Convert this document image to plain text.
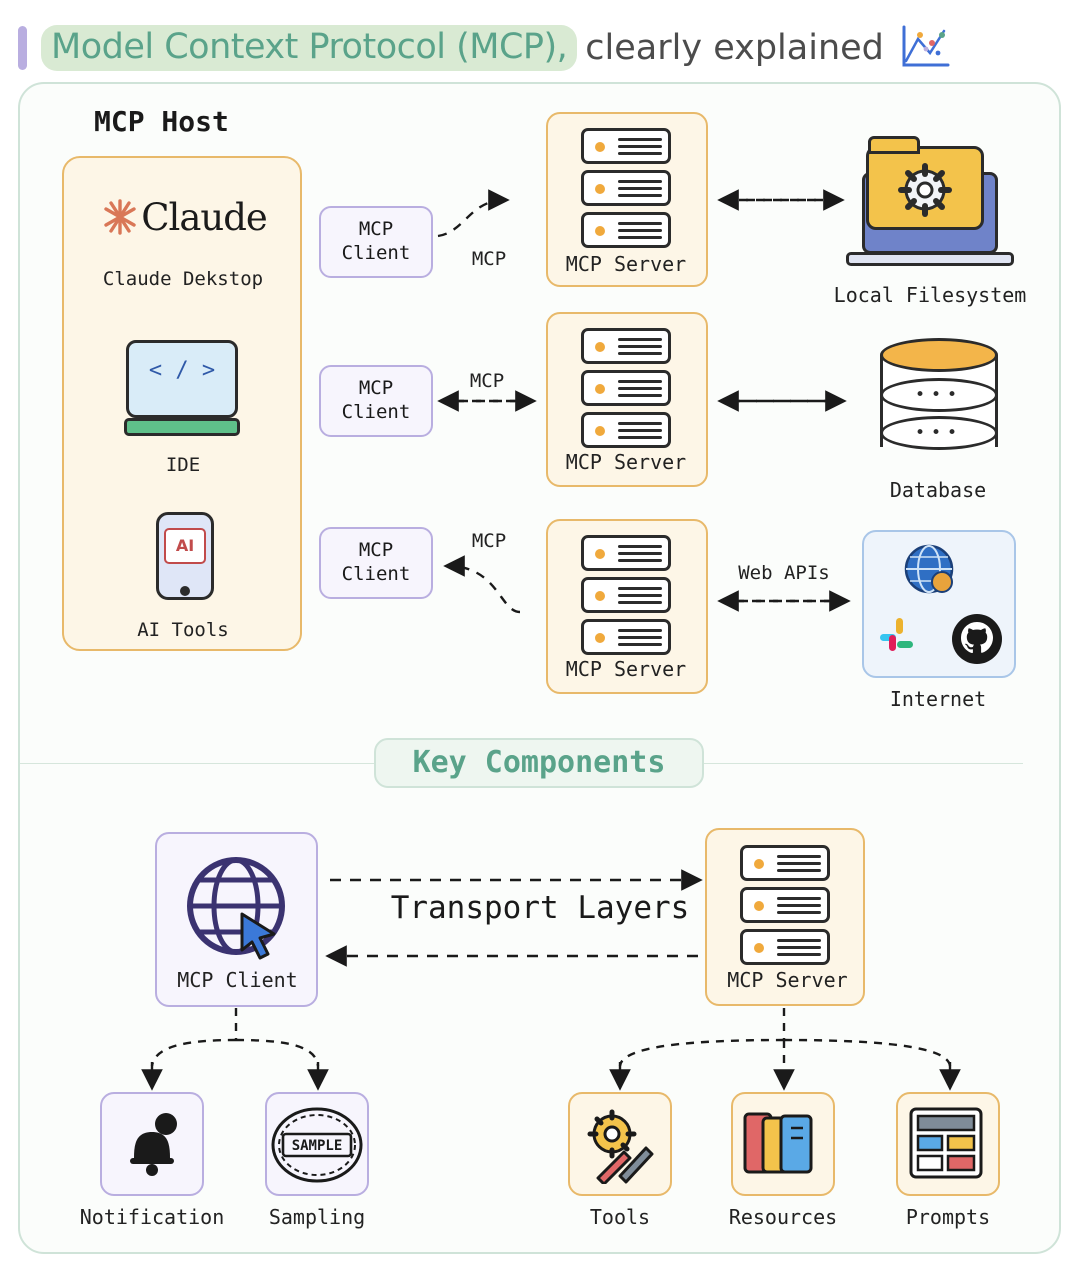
Model Context Protocol (MCP), clearly explained
MCP Host
Claude
Claude Dekstop
< / >
IDE
AI
AI Tools
MCP
Client
MCP
Client
MCP
Client
MCP Server
MCP Server
MCP Server
Local Filesystem
•••
•••
Database
Internet
Key Components
MCP Client	MCP Server
Transport Layers
Notification
SAMPLE
Sampling	Tools	Resources	Prompts
MCP
MCP
MCP
Web APIs
